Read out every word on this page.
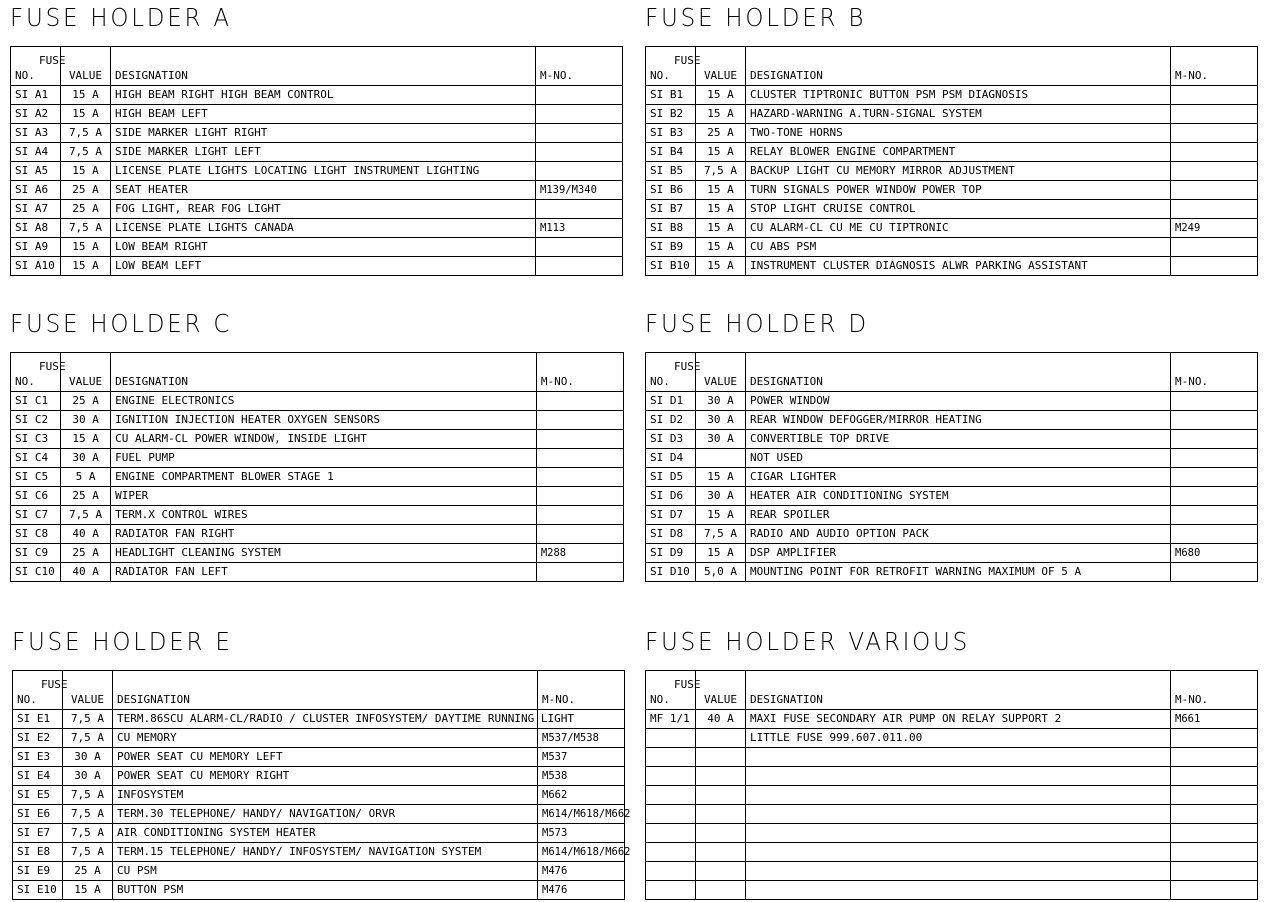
FUSE HOLDER A
FUSE
NO.	VALUE	DESIGNATION	M-NO.
SI A1	15 A	HIGH BEAM RIGHT HIGH BEAM CONTROL	
SI A2	15 A	HIGH BEAM LEFT	
SI A3	7,5 A	SIDE MARKER LIGHT RIGHT	
SI A4	7,5 A	SIDE MARKER LIGHT LEFT	
SI A5	15 A	LICENSE PLATE LIGHTS LOCATING LIGHT INSTRUMENT LIGHTING	
SI A6	25 A	SEAT HEATER	M139/M340
SI A7	25 A	FOG LIGHT, REAR FOG LIGHT	
SI A8	7,5 A	LICENSE PLATE LIGHTS CANADA	M113
SI A9	15 A	LOW BEAM RIGHT	
SI A10	15 A	LOW BEAM LEFT	
FUSE HOLDER B
FUSE
NO.	VALUE	DESIGNATION	M-NO.
SI B1	15 A	CLUSTER TIPTRONIC BUTTON PSM PSM DIAGNOSIS	
SI B2	15 A	HAZARD-WARNING A.TURN-SIGNAL SYSTEM	
SI B3	25 A	TWO-TONE HORNS	
SI B4	15 A	RELAY BLOWER ENGINE COMPARTMENT	
SI B5	7,5 A	BACKUP LIGHT CU MEMORY MIRROR ADJUSTMENT	
SI B6	15 A	TURN SIGNALS POWER WINDOW POWER TOP	
SI B7	15 A	STOP LIGHT CRUISE CONTROL	
SI B8	15 A	CU ALARM-CL CU ME CU TIPTRONIC	M249
SI B9	15 A	CU ABS PSM	
SI B10	15 A	INSTRUMENT CLUSTER DIAGNOSIS ALWR PARKING ASSISTANT	
FUSE HOLDER C
FUSE
NO.	VALUE	DESIGNATION	M-NO.
SI C1	25 A	ENGINE ELECTRONICS	
SI C2	30 A	IGNITION INJECTION HEATER OXYGEN SENSORS	
SI C3	15 A	CU ALARM-CL POWER WINDOW, INSIDE LIGHT	
SI C4	30 A	FUEL PUMP	
SI C5	5 A	ENGINE COMPARTMENT BLOWER STAGE 1	
SI C6	25 A	WIPER	
SI C7	7,5 A	TERM.X CONTROL WIRES	
SI C8	40 A	RADIATOR FAN RIGHT	
SI C9	25 A	HEADLIGHT CLEANING SYSTEM	M288
SI C10	40 A	RADIATOR FAN LEFT	
FUSE HOLDER D
FUSE
NO.	VALUE	DESIGNATION	M-NO.
SI D1	30 A	POWER WINDOW	
SI D2	30 A	REAR WINDOW DEFOGGER/MIRROR HEATING	
SI D3	30 A	CONVERTIBLE TOP DRIVE	
SI D4		NOT USED	
SI D5	15 A	CIGAR LIGHTER	
SI D6	30 A	HEATER AIR CONDITIONING SYSTEM	
SI D7	15 A	REAR SPOILER	
SI D8	7,5 A	RADIO AND AUDIO OPTION PACK	
SI D9	15 A	DSP AMPLIFIER	M680
SI D10	5,0 A	MOUNTING POINT FOR RETROFIT WARNING MAXIMUM OF 5 A	
FUSE HOLDER E
FUSE
NO.	VALUE	DESIGNATION	M-NO.
SI E1	7,5 A	TERM.86SCU ALARM-CL/RADIO / CLUSTER INFOSYSTEM/ DAYTIME RUNNING LIGHT	
SI E2	7,5 A	CU MEMORY	M537/M538
SI E3	30 A	POWER SEAT CU MEMORY LEFT	M537
SI E4	30 A	POWER SEAT CU MEMORY RIGHT	M538
SI E5	7,5 A	INFOSYSTEM	M662
SI E6	7,5 A	TERM.30 TELEPHONE/ HANDY/ NAVIGATION/ ORVR	M614/M618/M662
SI E7	7,5 A	AIR CONDITIONING SYSTEM HEATER	M573
SI E8	7,5 A	TERM.15 TELEPHONE/ HANDY/ INFOSYSTEM/ NAVIGATION SYSTEM	M614/M618/M662
SI E9	25 A	CU PSM	M476
SI E10	15 A	BUTTON PSM	M476
FUSE HOLDER VARIOUS
FUSE
NO.	VALUE	DESIGNATION	M-NO.
MF 1/1	40 A	MAXI FUSE SECONDARY AIR PUMP ON RELAY SUPPORT 2	M661
		LITTLE FUSE 999.607.011.00	
